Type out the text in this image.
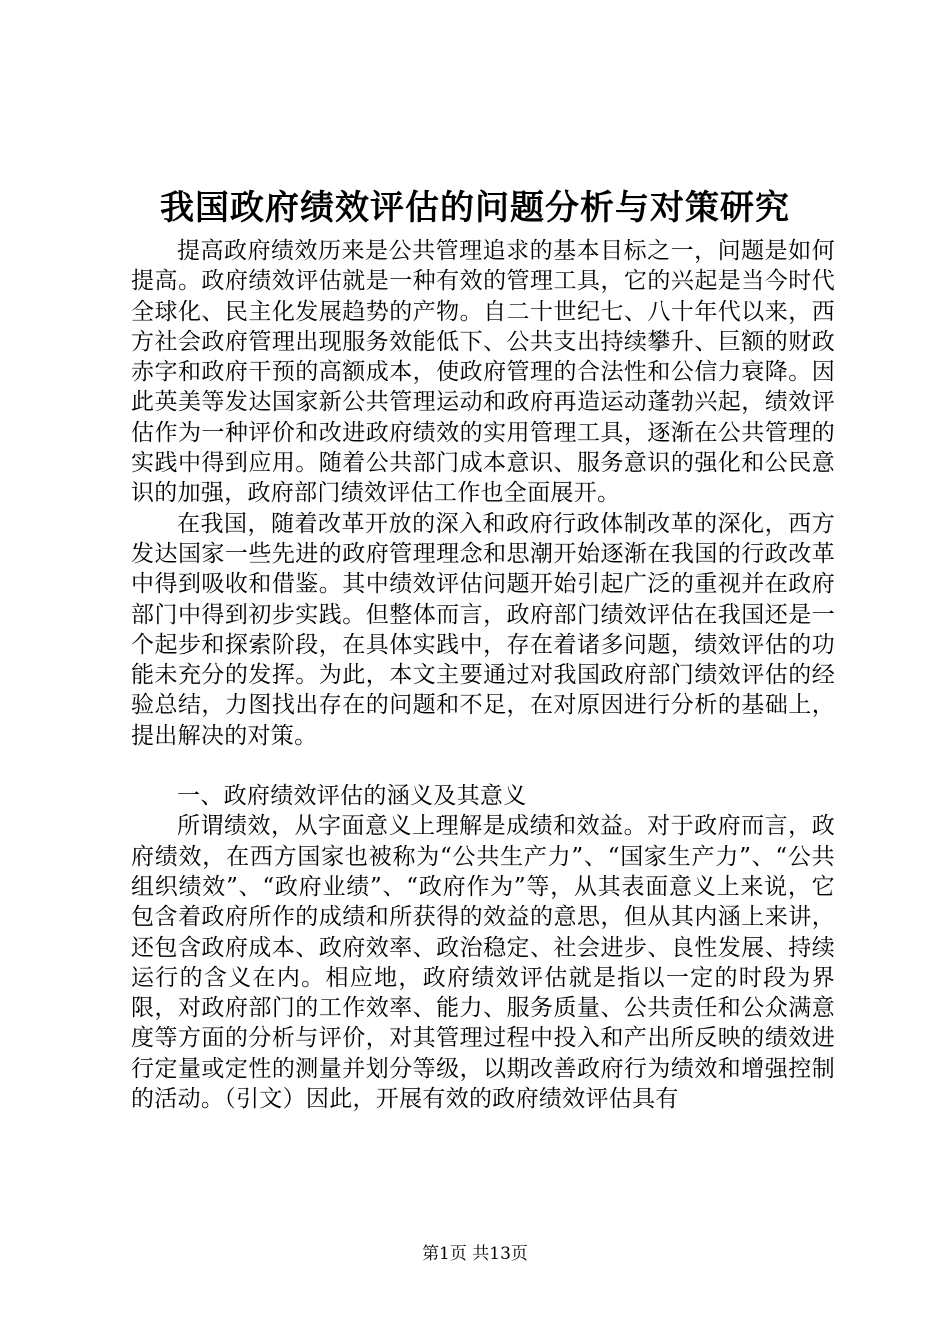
我国政府绩效评估的问题分析与对策研究

提高政府绩效历来是公共管理追求的基本目标之一，问题是如何提高。政府绩效评估就是一种有效的管理工具，它的兴起是当今时代全球化、民主化发展趋势的产物。自二十世纪七、八十年代以来，西方社会政府管理出现服务效能低下、公共支出持续攀升、巨额的财政赤字和政府干预的高额成本，使政府管理的合法性和公信力衰降。因此英美等发达国家新公共管理运动和政府再造运动蓬勃兴起，绩效评估作为一种评价和改进政府绩效的实用管理工具，逐渐在公共管理的实践中得到应用。随着公共部门成本意识、服务意识的强化和公民意识的加强，政府部门绩效评估工作也全面展开。

在我国，随着改革开放的深入和政府行政体制改革的深化，西方发达国家一些先进的政府管理理念和思潮开始逐渐在我国的行政改革中得到吸收和借鉴。其中绩效评估问题开始引起广泛的重视并在政府部门中得到初步实践。但整体而言，政府部门绩效评估在我国还是一个起步和探索阶段，在具体实践中，存在着诸多问题，绩效评估的功能未充分的发挥。为此，本文主要通过对我国政府部门绩效评估的经验总结，力图找出存在的问题和不足，在对原因进行分析的基础上，提出解决的对策。

一、政府绩效评估的涵义及其意义

所谓绩效，从字面意义上理解是成绩和效益。对于政府而言，政府绩效，在西方国家也被称为“公共生产力”、“国家生产力”、“公共组织绩效”、“政府业绩”、“政府作为”等，从其表面意义上来说，它包含着政府所作的成绩和所获得的效益的意思，但从其内涵上来讲，还包含政府成本、政府效率、政治稳定、社会进步、良性发展、持续运行的含义在内。相应地，政府绩效评估就是指以一定的时段为界限，对政府部门的工作效率、能力、服务质量、公共责任和公众满意度等方面的分析与评价，对其管理过程中投入和产出所反映的绩效进行定量或定性的测量并划分等级，以期改善政府行为绩效和增强控制的活动。（引文）因此，开展有效的政府绩效评估具有

第1页 共13页
